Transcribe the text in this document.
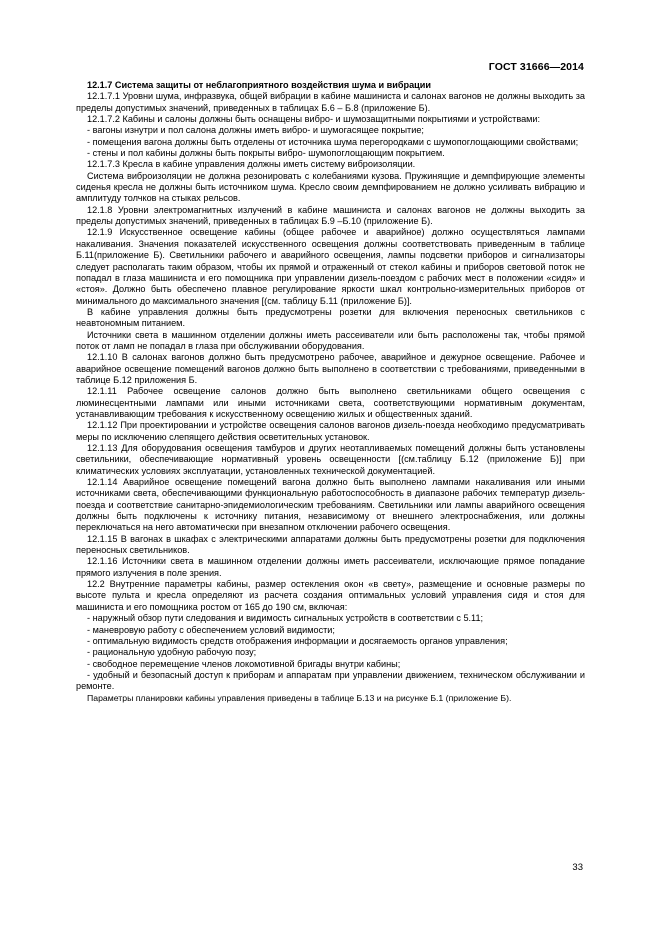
ГОСТ 31666—2014

12.1.7 Система защиты от неблагоприятного воздействия шума и вибрации

12.1.7.1 Уровни шума, инфразвука, общей вибрации в кабине машиниста и салонах вагонов не должны выходить за пределы допустимых значений, приведенных в таблицах Б.6 – Б.8 (приложение Б).

12.1.7.2 Кабины и салоны должны быть оснащены вибро- и шумозащитными покрытиями и устройствами:

- вагоны изнутри и пол салона должны иметь вибро- и шумогасящее покрытие;

- помещения вагона должны быть отделены от источника шума перегородками с шумопоглощающими свойствами;

- стены и пол кабины должны быть покрыты вибро- шумопоглощающим покрытием.

12.1.7.3 Кресла в кабине управления должны иметь систему виброизоляции.

Система виброизоляции не должна резонировать с колебаниями кузова. Пружинящие и демпфирующие элементы сиденья кресла не должны быть источником шума. Кресло своим демпфированием не должно усиливать вибрацию и амплитуду толчков на стыках рельсов.

12.1.8 Уровни электромагнитных излучений в кабине машиниста и салонах вагонов не должны выходить за пределы допустимых значений, приведенных в таблицах Б.9 –Б.10 (приложение Б).

12.1.9 Искусственное освещение кабины (общее рабочее и аварийное) должно осуществляться лампами накаливания. Значения показателей искусственного освещения должны соответствовать приведенным в таблице Б.11(приложение Б). Светильники рабочего и аварийного освещения, лампы подсветки приборов и сигнализаторы следует располагать таким образом, чтобы их прямой и отраженный от стекол кабины и приборов световой поток не попадал в глаза машиниста и его помощника при управлении дизель-поездом с рабочих мест в положении «сидя» и «стоя». Должно быть обеспечено плавное регулирование яркости шкал контрольно-измерительных приборов от минимального до максимального значения [(см. таблицу Б.11 (приложение Б)].

В кабине управления должны быть предусмотрены розетки для включения переносных светильников с неавтономным питанием.

Источники света в машинном отделении должны иметь рассеиватели или быть расположены так, чтобы прямой поток от ламп не попадал в глаза при обслуживании оборудования.

12.1.10 В салонах вагонов должно быть предусмотрено рабочее, аварийное и дежурное освещение. Рабочее и аварийное освещение помещений вагонов должно быть выполнено в соответствии с требованиями, приведенными в таблице Б.12 приложения Б.

12.1.11 Рабочее освещение салонов должно быть выполнено светильниками общего освещения с люминесцентными лампами или иными источниками света, соответствующими нормативным документам, устанавливающим требования к искусственному освещению жилых и общественных зданий.

12.1.12 При проектировании и устройстве освещения салонов вагонов дизель-поезда необходимо предусматривать меры по исключению слепящего действия осветительных установок.

12.1.13 Для оборудования освещения тамбуров и других неотапливаемых помещений должны быть установлены светильники, обеспечивающие нормативный уровень освещенности [(см.таблицу Б.12 (приложение Б)] при климатических условиях эксплуатации, установленных технической документацией.

12.1.14 Аварийное освещение помещений вагона должно быть выполнено лампами накаливания или иными источниками света, обеспечивающими функциональную работоспособность в диапазоне рабочих температур дизель-поезда и соответствие санитарно-эпидемиологическим требованиям. Светильники или лампы аварийного освещения должны быть подключены к источнику питания, независимому от внешнего электроснабжения, или должны переключаться на него автоматически при внезапном отключении рабочего освещения.

12.1.15 В вагонах в шкафах с электрическими аппаратами должны быть предусмотрены розетки для подключения переносных светильников.

12.1.16 Источники света в машинном отделении должны иметь рассеиватели, исключающие прямое попадание прямого излучения в поле зрения.

12.2 Внутренние параметры кабины, размер остекления окон «в свету», размещение и основные размеры по высоте пульта и кресла определяют из расчета создания оптимальных условий управления сидя и стоя для машиниста и его помощника ростом от 165 до 190 см, включая:

- наружный обзор пути следования и видимость сигнальных устройств в соответствии с 5.11;

- маневровую работу с обеспечением условий видимости;

- оптимальную видимость средств отображения информации и досягаемость органов управления;

- рациональную удобную рабочую позу;

- свободное перемещение членов локомотивной бригады внутри кабины;

- удобный и безопасный доступ к приборам и аппаратам при управлении движением, техническом обслуживании и ремонте.

Параметры планировки кабины управления приведены в таблице Б.13 и на рисунке Б.1 (приложение Б).

33
